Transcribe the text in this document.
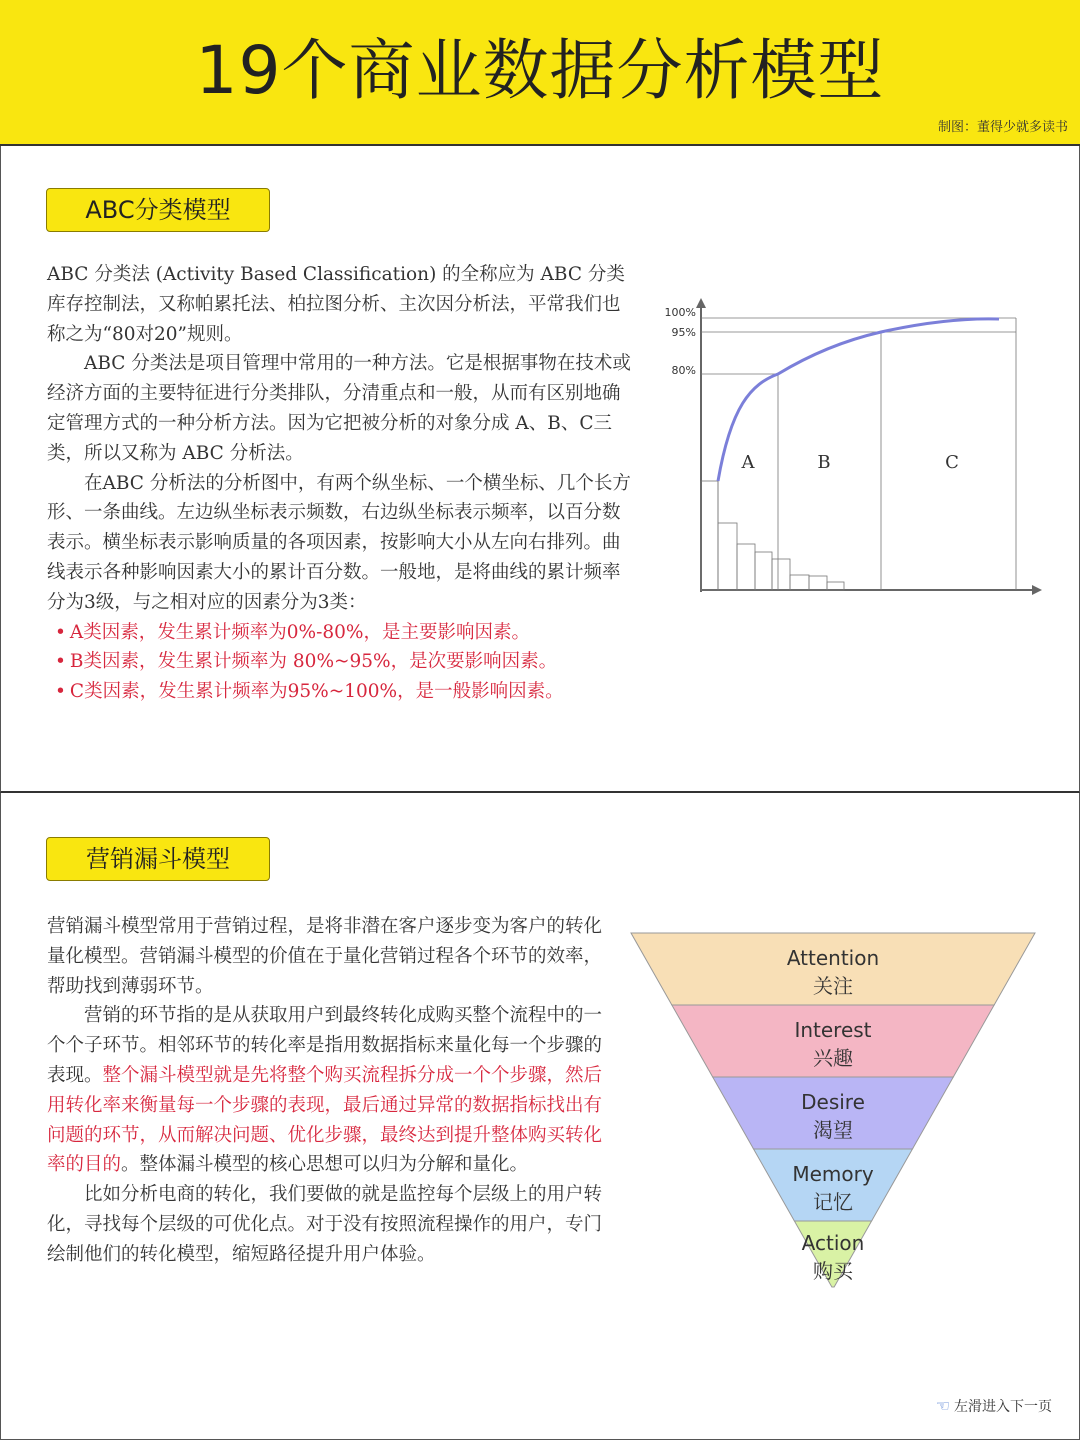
19个商业数据分析模型
制图：董得少就多读书
ABC分类模型

ABC 分类法 (Activity Based Classification) 的全称应为 ABC 分类库存控制法，又称帕累托法、柏拉图分析、主次因分析法，平常我们也称之为“80对20”规则。

ABC 分类法是项目管理中常用的一种方法。它是根据事物在技术或经济方面的主要特征进行分类排队，分清重点和一般，从而有区别地确定管理方式的一种分析方法。因为它把被分析的对象分成 A、B、C三类，所以又称为 ABC 分析法。

在ABC 分析法的分析图中，有两个纵坐标、一个横坐标、几个长方形、一条曲线。左边纵坐标表示频数，右边纵坐标表示频率，以百分数表示。横坐标表示影响质量的各项因素，按影响大小从左向右排列。曲线表示各种影响因素大小的累计百分数。一般地，是将曲线的累计频率分为3级，与之相对应的因素分为3类：

• A类因素，发生累计频率为0%-80%，是主要影响因素。
• B类因素，发生累计频率为 80%~95%，是次要影响因素。
• C类因素，发生累计频率为95%~100%，是一般影响因素。
100%
95%
80%
A	B	C
营销漏斗模型

营销漏斗模型常用于营销过程，是将非潜在客户逐步变为客户的转化量化模型。营销漏斗模型的价值在于量化营销过程各个环节的效率，帮助找到薄弱环节。

营销的环节指的是从获取用户到最终转化成购买整个流程中的一个个子环节。相邻环节的转化率是指用数据指标来量化每一个步骤的表现。整个漏斗模型就是先将整个购买流程拆分成一个个步骤，然后用转化率来衡量每一个步骤的表现，最后通过异常的数据指标找出有问题的环节，从而解决问题、优化步骤，最终达到提升整体购买转化率的目的。整体漏斗模型的核心思想可以归为分解和量化。

比如分析电商的转化，我们要做的就是监控每个层级上的用户转化，寻找每个层级的可优化点。对于没有按照流程操作的用户，专门绘制他们的转化模型，缩短路径提升用户体验。

Attention
关注
Interest
兴趣
Desire
渴望
Memory
记忆
Action
购买
☜ 左滑进入下一页
